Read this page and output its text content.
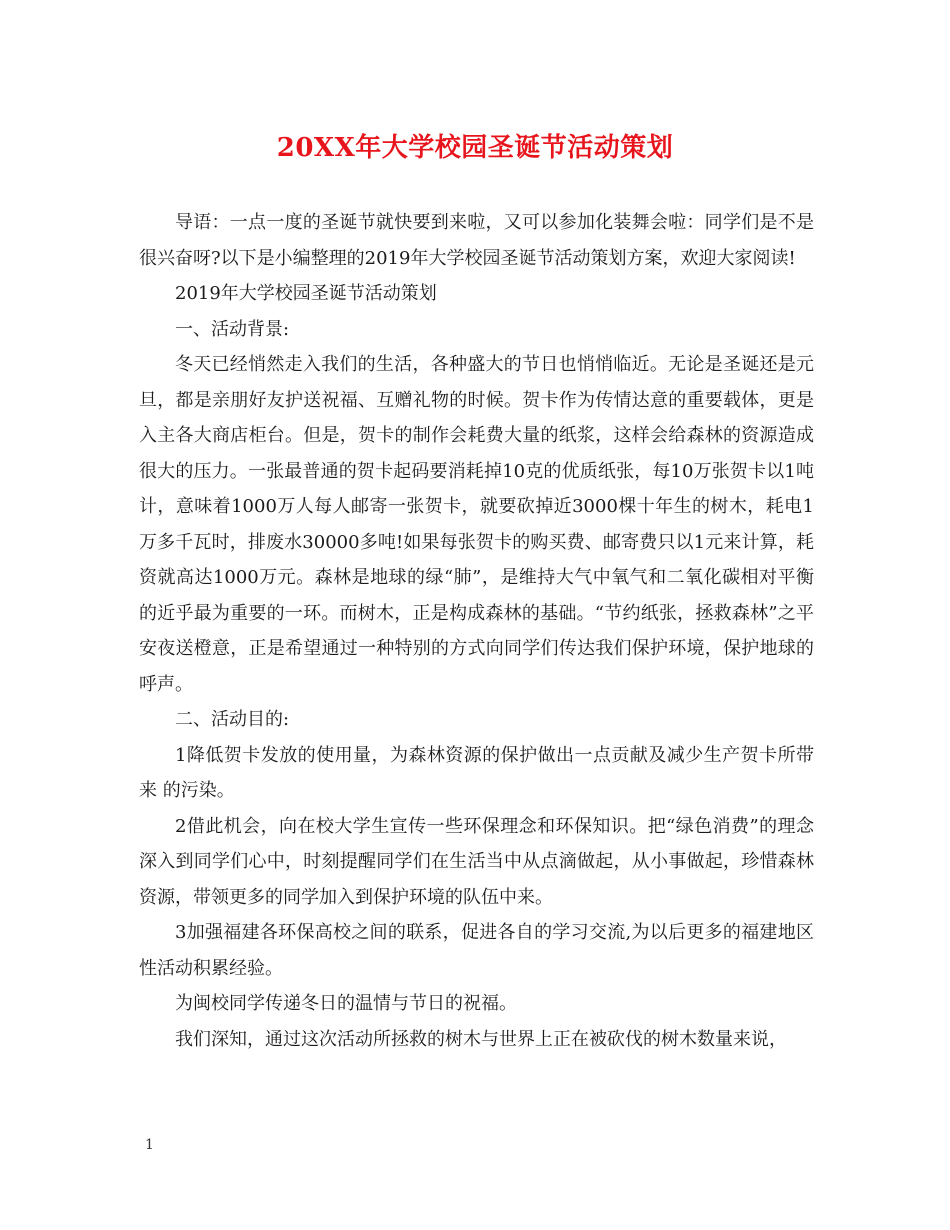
20XX年大学校园圣诞节活动策划

导语：一点一度的圣诞节就快要到来啦，又可以参加化装舞会啦：同学们是不是很兴奋呀?以下是小编整理的2019年大学校园圣诞节活动策划方案，欢迎大家阅读!

2019年大学校园圣诞节活动策划

一、活动背景:

冬天已经悄然走入我们的生活，各种盛大的节日也悄悄临近。无论是圣诞还是元旦，都是亲朋好友护送祝福、互赠礼物的时候。贺卡作为传情达意的重要载体，更是入主各大商店柜台。但是，贺卡的制作会耗费大量的纸浆，这样会给森林的资源造成很大的压力。一张最普通的贺卡起码要消耗掉10克的优质纸张，每10万张贺卡以1吨计，意味着1000万人每人邮寄一张贺卡，就要砍掉近3000棵十年生的树木，耗电1万多千瓦时，排废水30000多吨!如果每张贺卡的购买费、邮寄费只以1元来计算，耗资就高达1000万元。森林是地球的绿“肺”，是维持大气中氧气和二氧化碳相对平衡的近乎最为重要的一环。而树木，正是构成森林的基础。“节约纸张，拯救森林”之平安夜送橙意，正是希望通过一种特别的方式向同学们传达我们保护环境，保护地球的呼声。

二、活动目的:

1降低贺卡发放的使用量，为森林资源的保护做出一点贡献及减少生产贺卡所带来 的污染。

2借此机会，向在校大学生宣传一些环保理念和环保知识。把“绿色消费”的理念 深入到同学们心中，时刻提醒同学们在生活当中从点滴做起，从小事做起，珍惜森林资源，带领更多的同学加入到保护环境的队伍中来。

3加强福建各环保高校之间的联系，促进各自的学习交流,为以后更多的福建地区性活动积累经验。

为闽校同学传递冬日的温情与节日的祝福。

我们深知，通过这次活动所拯救的树木与世界上正在被砍伐的树木数量来说，

1
